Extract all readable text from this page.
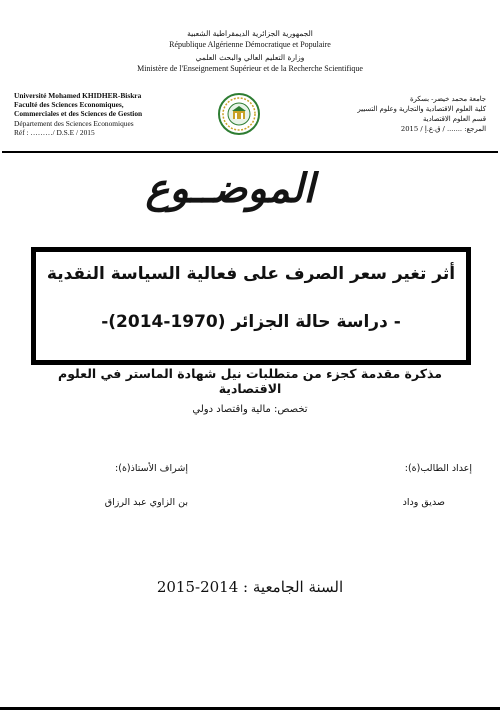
الجمهورية الجزائرية الديمقراطية الشعبية
République Algérienne Démocratique et Populaire
وزارة التعليم العالي والبحث العلمي
Ministère de l'Enseignement Supérieur et de la Recherche Scientifique
Université Mohamed KHIDHER-Biskra
Faculté des Sciences Economiques,
Commerciales et des Sciences de Gestion
Département des Sciences Economiques
Réf : ………/ D.S.E / 2015
جامعة محمد خيضر- بسكرة
كلية العلوم الاقتصادية والتجارية وعلوم التسيير
قسم العلوم الاقتصادية
المرجع: ....... / ق.ع.إ / 2015
الموضــوع
أثر تغير سعر الصرف على فعالية السياسة النقدية
- دراسة حالة الجزائر (1970-2014)-
مذكرة مقدمة كجزء من متطلبات نيل شهادة الماستر في العلوم الاقتصادية
تخصص: مالية واقتصاد دولي
إعداد الطالب(ة):
صديق وداد
إشراف الأستاذ(ة):
بن الزاوي عبد الرزاق
السنة الجامعية : 2014-2015
